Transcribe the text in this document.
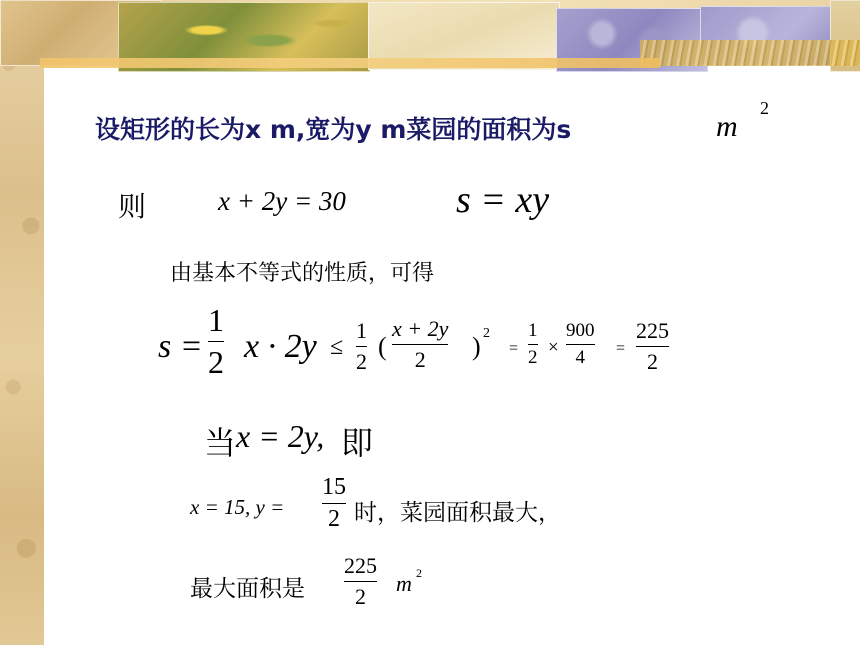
设矩形的长为x m,宽为y m菜园的面积为s	m
2
则	x + 2y = 30	s = xy
由基本不等式的性质，可得
s =
1
2 x · 2y ≤
1
2
(
x + 2y
2 ) 2
=
1
2 ×
900
4 =
225
2
当 x = 2y, 即
x = 15, y =
15
2 时，菜园面积最大，
最大面积是
225
2
m 2
